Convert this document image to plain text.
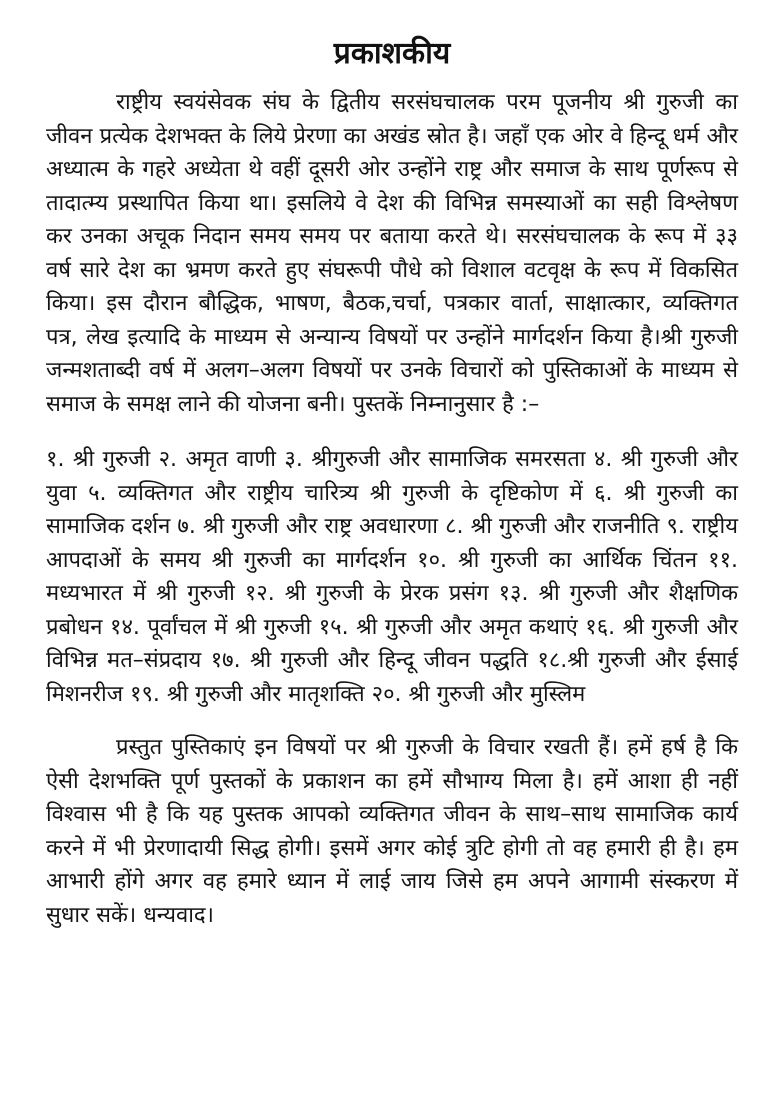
प्रकाशकीय

राष्ट्रीय स्वयंसेवक संघ के द्वितीय सरसंघचालक परम पूजनीय श्री गुरुजी का जीवन प्रत्येक देशभक्त के लिये प्रेरणा का अखंड स्रोत है। जहाँ एक ओर वे हिन्दू धर्म और अध्यात्म के गहरे अध्येता थे वहीं दूसरी ओर उन्होंने राष्ट्र और समाज के साथ पूर्णरूप से तादात्म्य प्रस्थापित किया था। इसलिये वे देश की विभिन्न समस्याओं का सही विश्लेषण कर उनका अचूक निदान समय समय पर बताया करते थे। सरसंघचालक के रूप में ३३ वर्ष सारे देश का भ्रमण करते हुए संघरूपी पौधे को विशाल वटवृक्ष के रूप में विकसित किया। इस दौरान बौद्धिक, भाषण, बैठक,चर्चा, पत्रकार वार्ता, साक्षात्कार, व्यक्तिगत पत्र, लेख इत्यादि के माध्यम से अन्यान्य विषयों पर उन्होंने मार्गदर्शन किया है।श्री गुरुजी जन्मशताब्दी वर्ष में अलग–अलग विषयों पर उनके विचारों को पुस्तिकाओं के माध्यम से समाज के समक्ष लाने की योजना बनी। पुस्तकें निम्नानुसार है :–

१. श्री गुरुजी २. अमृत वाणी ३. श्रीगुरुजी और सामाजिक समरसता ४. श्री गुरुजी और युवा ५. व्यक्तिगत और राष्ट्रीय चारित्र्य श्री गुरुजी के दृष्टिकोण में ६. श्री गुरुजी का सामाजिक दर्शन ७. श्री गुरुजी और राष्ट्र अवधारणा ८. श्री गुरुजी और राजनीति ९. राष्ट्रीय आपदाओं के समय श्री गुरुजी का मार्गदर्शन १०. श्री गुरुजी का आर्थिक चिंतन ११. मध्यभारत में श्री गुरुजी १२. श्री गुरुजी के प्रेरक प्रसंग १३. श्री गुरुजी और शैक्षणिक प्रबोधन १४. पूर्वांचल में श्री गुरुजी १५. श्री गुरुजी और अमृत कथाएं १६. श्री गुरुजी और विभिन्न मत–संप्रदाय १७. श्री गुरुजी और हिन्दू जीवन पद्धति १८.श्री गुरुजी और ईसाई मिशनरीज १९. श्री गुरुजी और मातृशक्ति २०. श्री गुरुजी और मुस्लिम

प्रस्तुत पुस्तिकाएं इन विषयों पर श्री गुरुजी के विचार रखती हैं। हमें हर्ष है कि ऐसी देशभक्ति पूर्ण पुस्तकों के प्रकाशन का हमें सौभाग्य मिला है। हमें आशा ही नहीं विश्वास भी है कि यह पुस्तक आपको व्यक्तिगत जीवन के साथ–साथ सामाजिक कार्य करने में भी प्रेरणादायी सिद्ध होगी। इसमें अगर कोई त्रुटि होगी तो वह हमारी ही है। हम आभारी होंगे अगर वह हमारे ध्यान में लाई जाय जिसे हम अपने आगामी संस्करण में सुधार सकें। धन्यवाद।
